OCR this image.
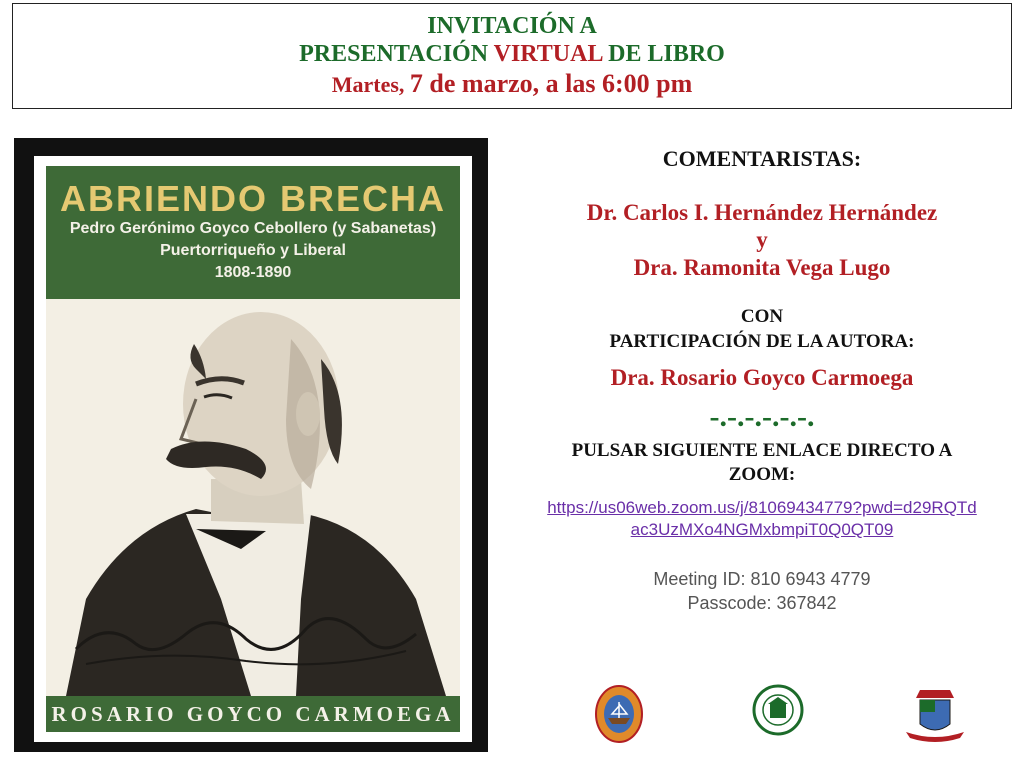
INVITACIÓN A
PRESENTACIÓN VIRTUAL DE LIBRO
Martes, 7 de marzo, a las 6:00 pm
ABRIENDO BRECHA
Pedro Gerónimo Goyco Cebollero (y Sabanetas)
Puertorriqueño y Liberal
1808-1890
ROSARIO GOYCO CARMOEGA
COMENTARISTAS:
Dr. Carlos I. Hernández Hernández
y
Dra. Ramonita Vega Lugo
CON
PARTICIPACIÓN DE LA AUTORA:
Dra. Rosario Goyco Carmoega
-.-.-.-.-.-.
PULSAR SIGUIENTE ENLACE DIRECTO A
ZOOM:
https://us06web.zoom.us/j/81069434779?pwd=d29RQTd
ac3UzMXo4NGMxbmpiT0Q0QT09
Meeting ID: 810 6943 4779
Passcode: 367842
